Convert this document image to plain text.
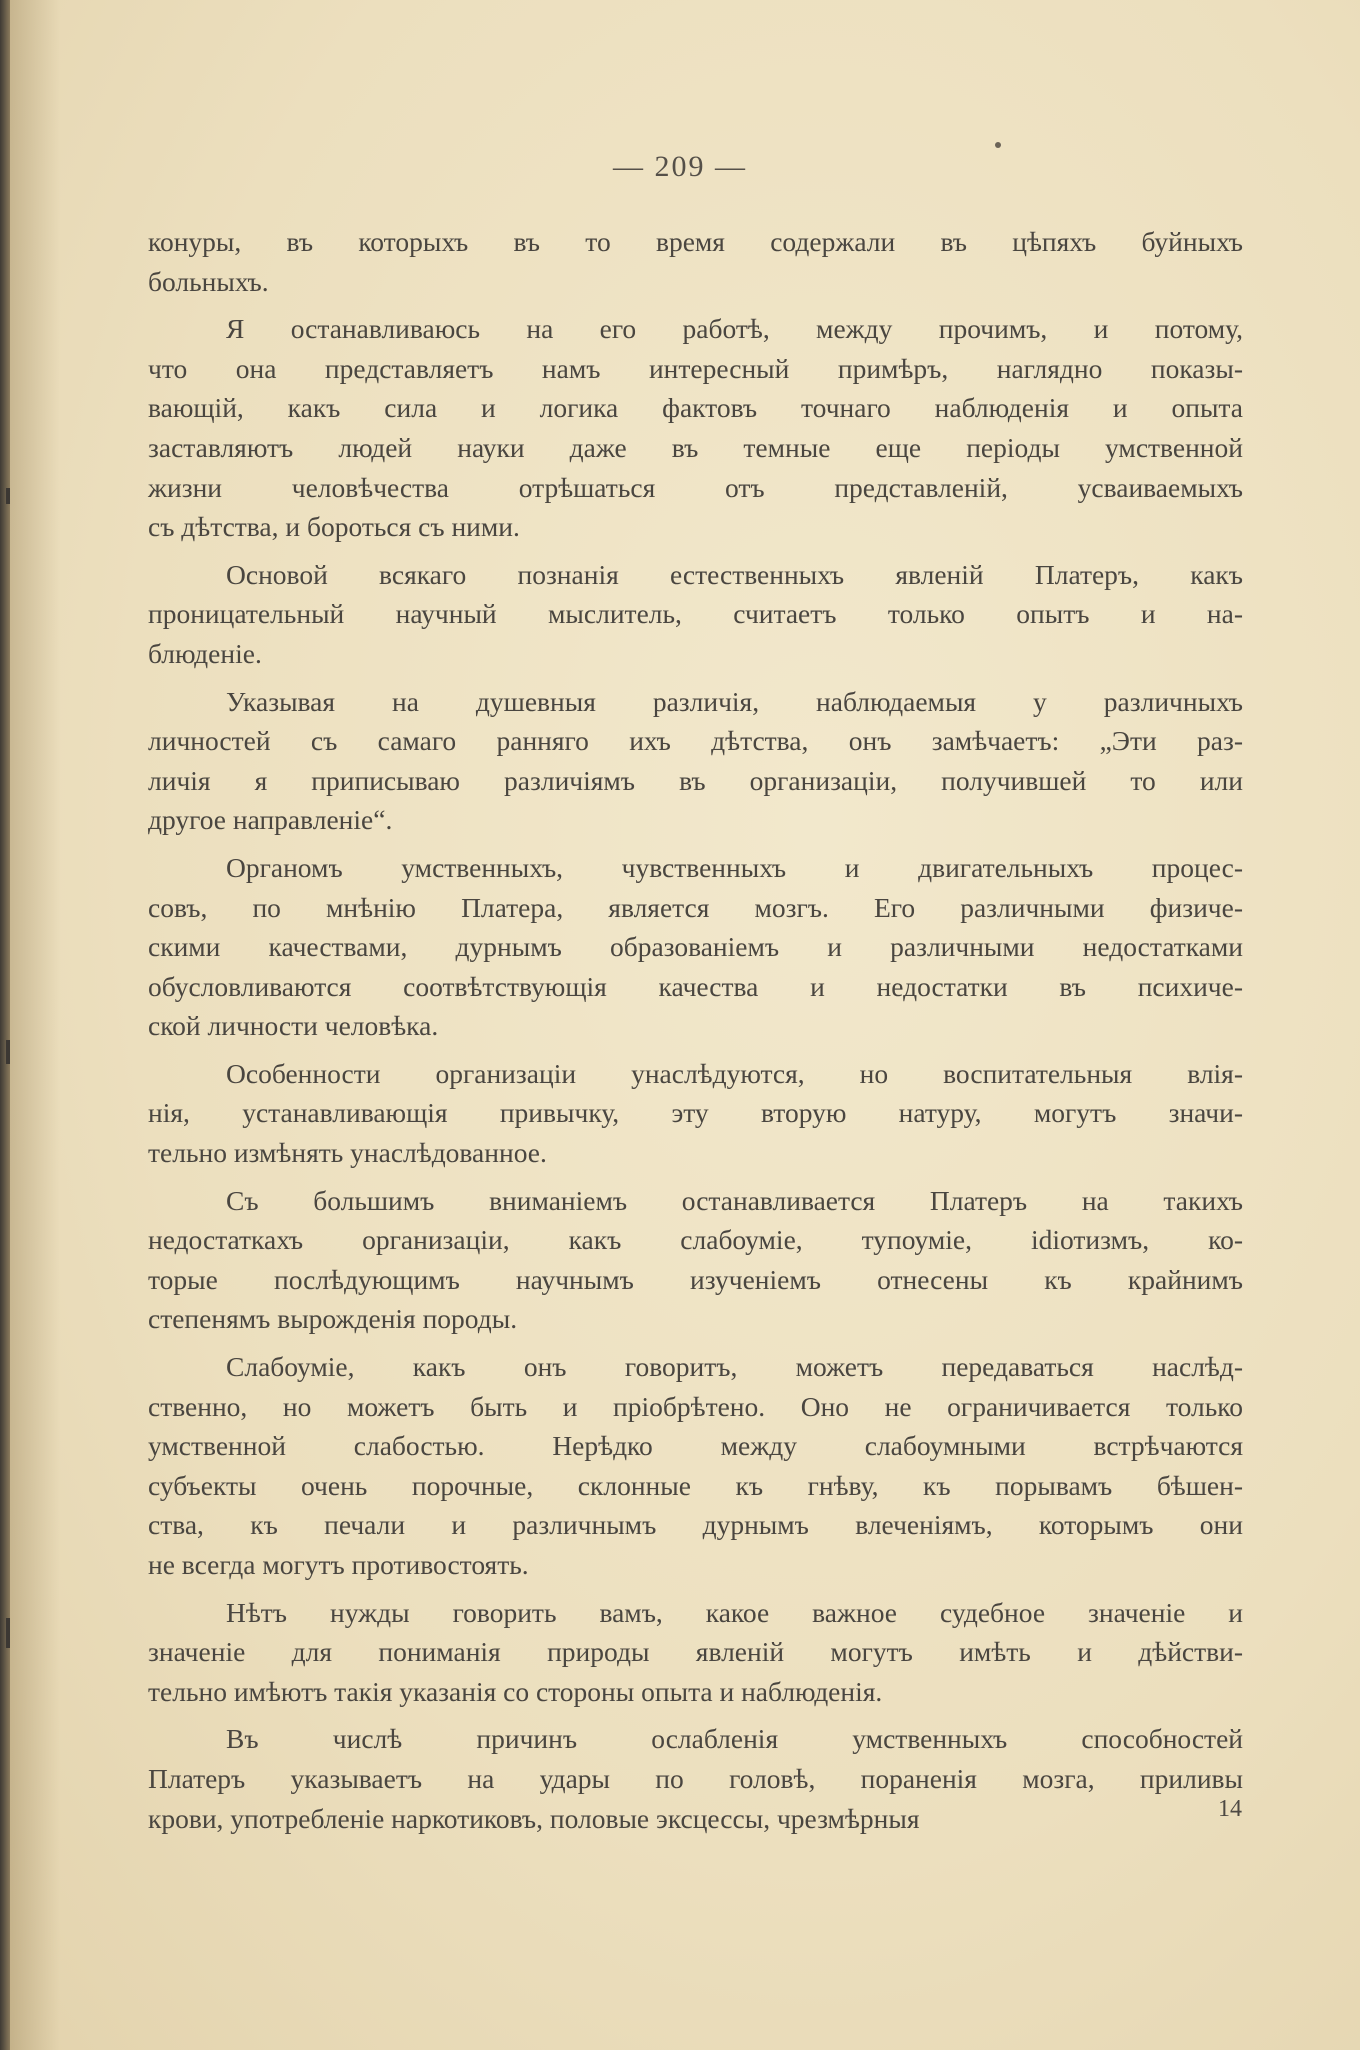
— 209 —
конуры, въ которыхъ въ то время содержали въ цѣпяхъ буйныхъ
больныхъ.
Я останавливаюсь на его работѣ, между прочимъ, и потому,
что она представляетъ намъ интересный примѣръ, наглядно показы-
вающій, какъ сила и логика фактовъ точнаго наблюденія и опыта
заставляютъ людей науки даже въ темные еще періоды умственной
жизни человѣчества отрѣшаться отъ представленій, усваиваемыхъ
съ дѣтства, и бороться съ ними.
Основой всякаго познанія естественныхъ явленій Платеръ, какъ
проницательный научный мыслитель, считаетъ только опытъ и на-
блюденіе.
Указывая на душевныя различія, наблюдаемыя у различныхъ
личностей съ самаго ранняго ихъ дѣтства, онъ замѣчаетъ: „Эти раз-
личія я приписываю различіямъ въ организаціи, получившей то или
другое направленіе“.
Органомъ умственныхъ, чувственныхъ и двигательныхъ процес-
совъ, по мнѣнію Платера, является мозгъ. Его различными физиче-
скими качествами, дурнымъ образованіемъ и различными недостатками
обусловливаются соотвѣтствующія качества и недостатки въ психиче-
ской личности человѣка.
Особенности организаціи унаслѣдуются, но воспитательныя влія-
нія, устанавливающія привычку, эту вторую натуру, могутъ значи-
тельно измѣнять унаслѣдованное.
Съ большимъ вниманіемъ останавливается Платеръ на такихъ
недостаткахъ организаціи, какъ слабоуміе, тупоуміе, idiотизмъ, ко-
торые послѣдующимъ научнымъ изученіемъ отнесены къ крайнимъ
степенямъ вырожденія породы.
Слабоуміе, какъ онъ говоритъ, можетъ передаваться наслѣд-
ственно, но можетъ быть и пріобрѣтено. Оно не ограничивается только
умственной слабостью. Нерѣдко между слабоумными встрѣчаются
субъекты очень порочные, склонные къ гнѣву, къ порывамъ бѣшен-
ства, къ печали и различнымъ дурнымъ влеченіямъ, которымъ они
не всегда могутъ противостоять.
Нѣтъ нужды говорить вамъ, какое важное судебное значеніе и
значеніе для пониманія природы явленій могутъ имѣть и дѣйстви-
тельно имѣютъ такія указанія со стороны опыта и наблюденія.
Въ числѣ причинъ ослабленія умственныхъ способностей
Платеръ указываетъ на удары по головѣ, пораненія мозга, приливы
крови, употребленіе наркотиковъ, половые эксцессы, чрезмѣрныя	14
